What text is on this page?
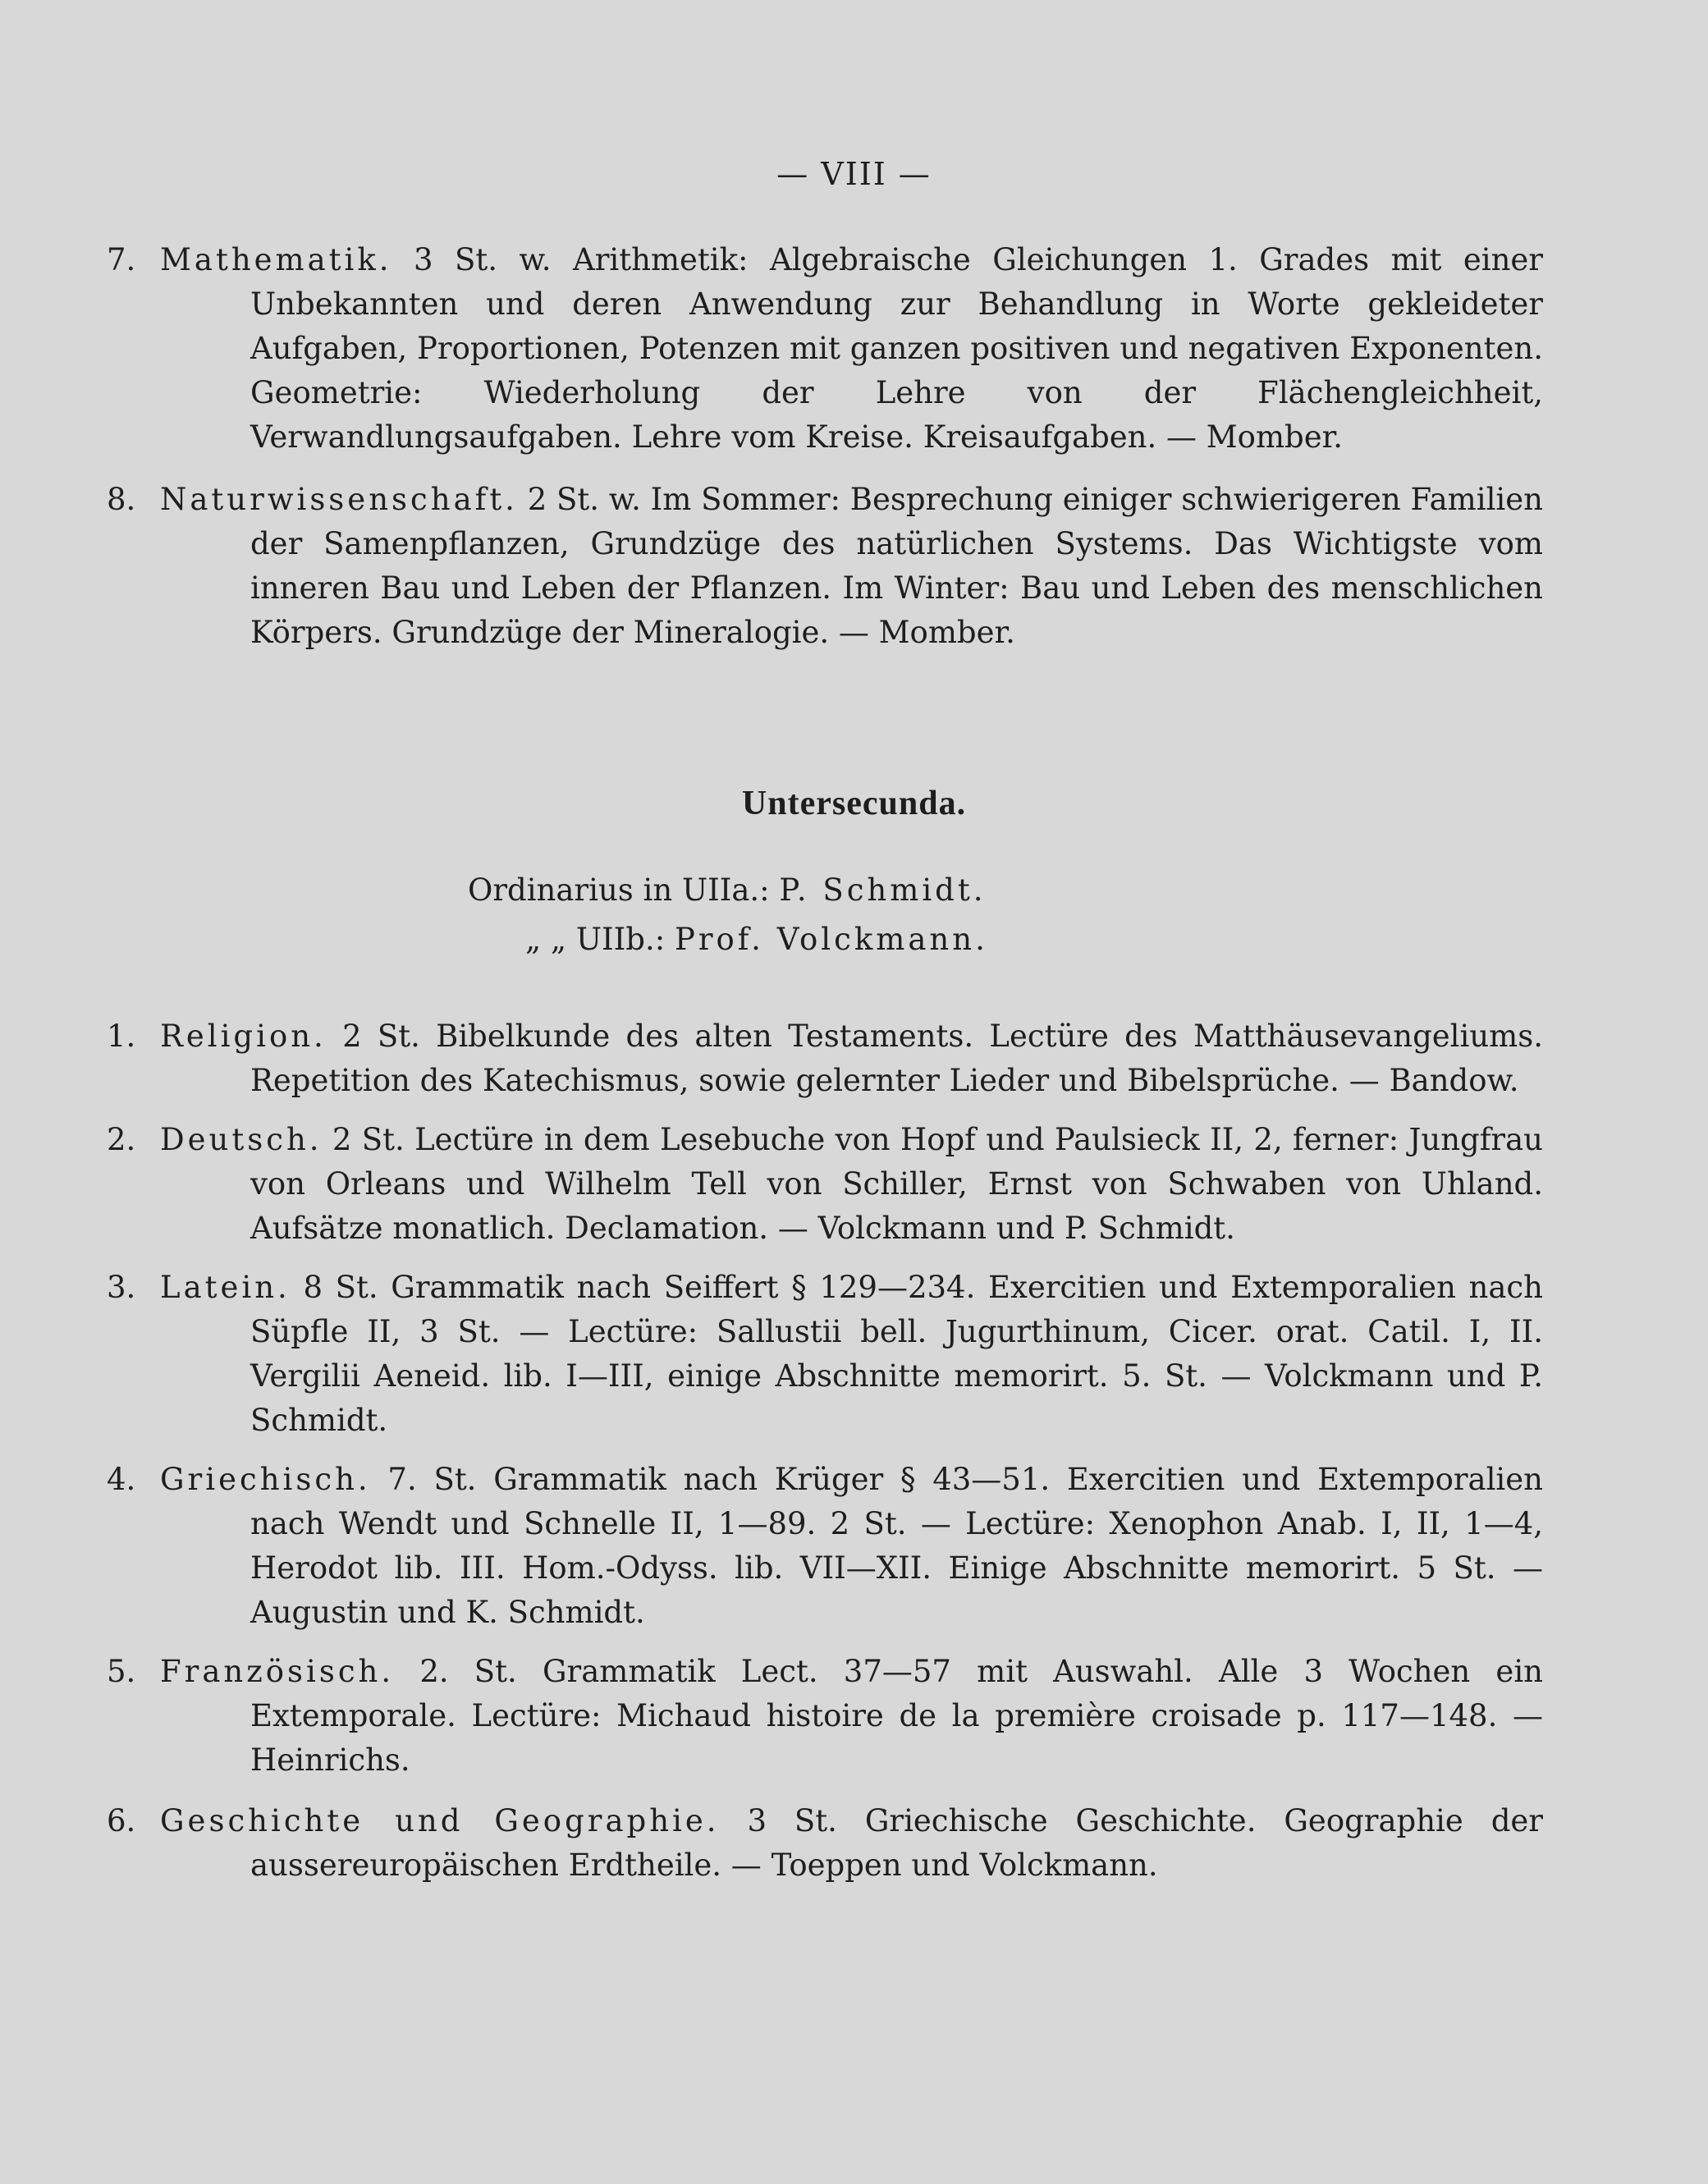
— VIII —
7. Mathematik. 3 St. w. Arithmetik: Algebraische Gleichungen 1. Grades mit einer Unbekannten und deren Anwendung zur Behandlung in Worte gekleideter Aufgaben, Proportionen, Potenzen mit ganzen positiven und negativen Exponenten. Geometrie: Wiederholung der Lehre von der Flächengleichheit, Verwandlungsaufgaben. Lehre vom Kreise. Kreisaufgaben. — Momber.
8. Naturwissenschaft. 2 St. w. Im Sommer: Besprechung einiger schwierigeren Familien der Samenpflanzen, Grundzüge des natürlichen Systems. Das Wichtigste vom inneren Bau und Leben der Pflanzen. Im Winter: Bau und Leben des menschlichen Körpers. Grundzüge der Mineralogie. — Momber.
Untersecunda.
Ordinarius in UIIa.: P. Schmidt.
„ „ UIIb.: Prof. Volckmann.
1. Religion. 2 St. Bibelkunde des alten Testaments. Lectüre des Matthäusevangeliums. Repetition des Katechismus, sowie gelernter Lieder und Bibelsprüche. — Bandow.
2. Deutsch. 2 St. Lectüre in dem Lesebuche von Hopf und Paulsieck II, 2, ferner: Jungfrau von Orleans und Wilhelm Tell von Schiller, Ernst von Schwaben von Uhland. Aufsätze monatlich. Declamation. — Volckmann und P. Schmidt.
3. Latein. 8 St. Grammatik nach Seiffert § 129—234. Exercitien und Extemporalien nach Süpfle II, 3 St. — Lectüre: Sallustii bell. Jugurthinum, Cicer. orat. Catil. I, II. Vergilii Aeneid. lib. I—III, einige Abschnitte memorirt. 5. St. — Volckmann und P. Schmidt.
4. Griechisch. 7. St. Grammatik nach Krüger § 43—51. Exercitien und Extemporalien nach Wendt und Schnelle II, 1—89. 2 St. — Lectüre: Xenophon Anab. I, II, 1—4, Herodot lib. III. Hom.-Odyss. lib. VII—XII. Einige Abschnitte memorirt. 5 St. — Augustin und K. Schmidt.
5. Französisch. 2. St. Grammatik Lect. 37—57 mit Auswahl. Alle 3 Wochen ein Extemporale. Lectüre: Michaud histoire de la première croisade p. 117—148. — Heinrichs.
6. Geschichte und Geographie. 3 St. Griechische Geschichte. Geographie der aussereuropäischen Erdtheile. — Toeppen und Volckmann.
